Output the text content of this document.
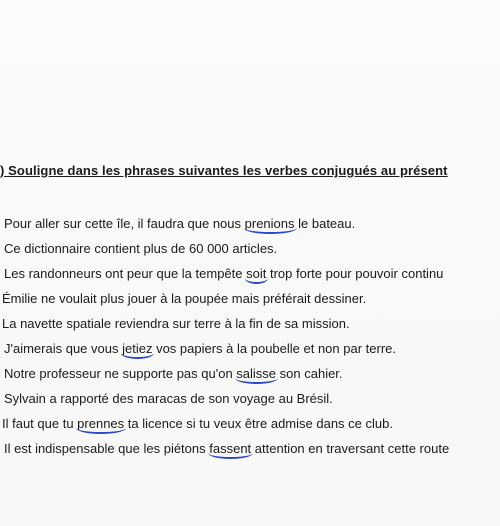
) Souligne dans les phrases suivantes les verbes conjugués au présent
Pour aller sur cette île, il faudra que nous prenions le bateau.
Ce dictionnaire contient plus de 60 000 articles.
Les randonneurs ont peur que la tempête soit trop forte pour pouvoir continu
Émilie ne voulait plus jouer à la poupée mais préférait dessiner.
La navette spatiale reviendra sur terre à la fin de sa mission.
J'aimerais que vous jetiez vos papiers à la poubelle et non par terre.
Notre professeur ne supporte pas qu'on salisse son cahier.
Sylvain a rapporté des maracas de son voyage au Brésil.
Il faut que tu prennes ta licence si tu veux être admise dans ce club.
Il est indispensable que les piétons fassent attention en traversant cette route
